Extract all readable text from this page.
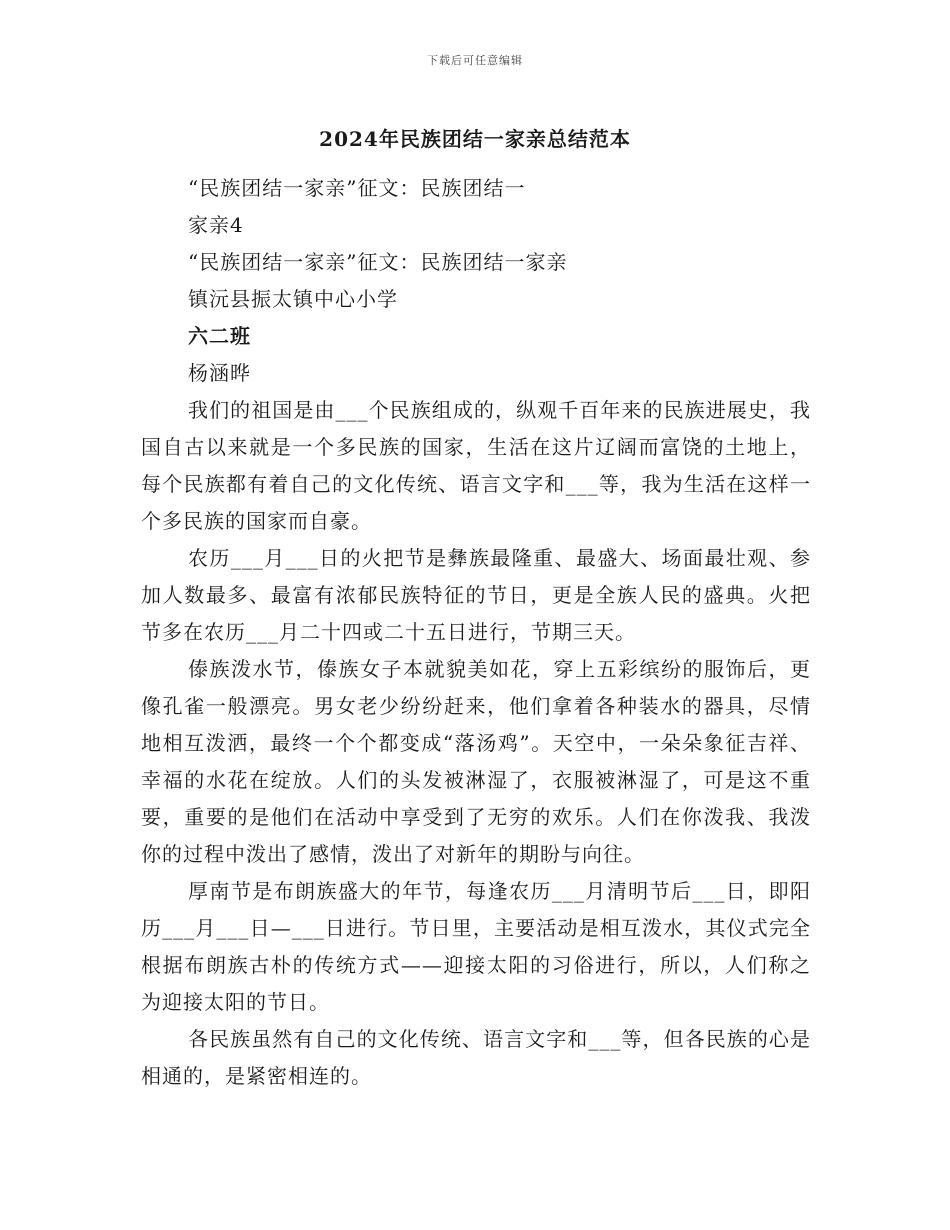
下载后可任意编辑
2024年民族团结一家亲总结范本
“民族团结一家亲”征文：民族团结一
家亲4
“民族团结一家亲”征文：民族团结一家亲
镇沅县振太镇中心小学
六二班
杨涵晔

我们的祖国是由___个民族组成的，纵观千百年来的民族进展史，我国自古以来就是一个多民族的国家，生活在这片辽阔而富饶的土地上，每个民族都有着自己的文化传统、语言文字和___等，我为生活在这样一个多民族的国家而自豪。

农历___月___日的火把节是彝族最隆重、最盛大、场面最壮观、参加人数最多、最富有浓郁民族特征的节日，更是全族人民的盛典。火把节多在农历___月二十四或二十五日进行，节期三天。

傣族泼水节，傣族女子本就貌美如花，穿上五彩缤纷的服饰后，更像孔雀一般漂亮。男女老少纷纷赶来，他们拿着各种装水的器具，尽情地相互泼洒，最终一个个都变成“落汤鸡”。天空中，一朵朵象征吉祥、幸福的水花在绽放。人们的头发被淋湿了，衣服被淋湿了，可是这不重要，重要的是他们在活动中享受到了无穷的欢乐。人们在你泼我、我泼你的过程中泼出了感情，泼出了对新年的期盼与向往。

厚南节是布朗族盛大的年节，每逢农历___月清明节后___日，即阳历___月___日—___日进行。节日里，主要活动是相互泼水，其仪式完全根据布朗族古朴的传统方式——迎接太阳的习俗进行，所以，人们称之为迎接太阳的节日。

各民族虽然有自己的文化传统、语言文字和___等，但各民族的心是相通的，是紧密相连的。
